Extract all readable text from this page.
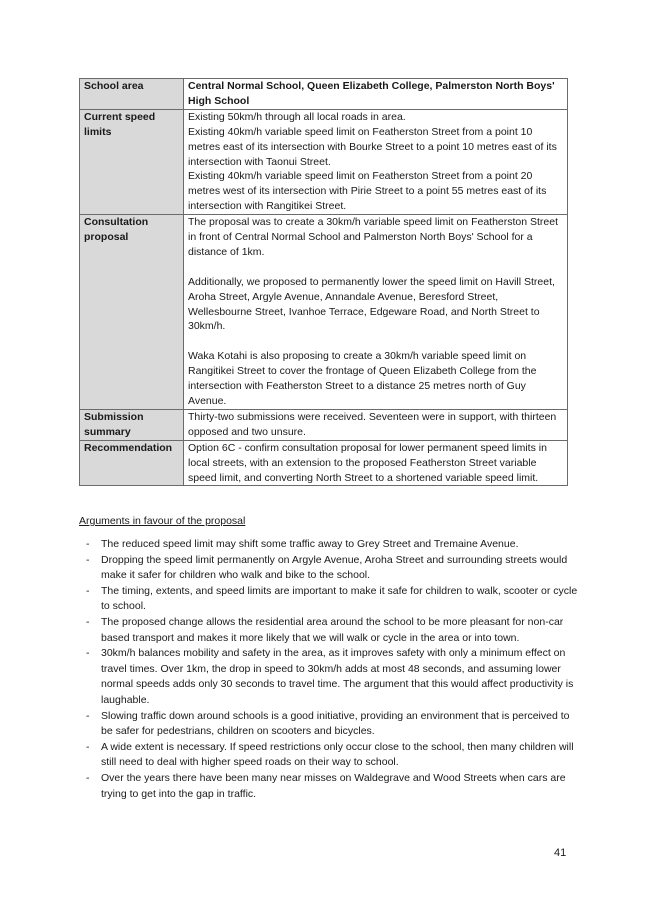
School area	Central Normal School, Queen Elizabeth College, Palmerston North Boys' High School

Current speed
limits	Existing 50km/h through all local roads in area.
Existing 40km/h variable speed limit on Featherston Street from a point 10 metres east of its intersection with Bourke Street to a point 10 metres east of its intersection with Taonui Street.
Existing 40km/h variable speed limit on Featherston Street from a point 20 metres west of its intersection with Pirie Street to a point 55 metres east of its intersection with Rangitikei Street.

Consultation
proposal	The proposal was to create a 30km/h variable speed limit on Featherston Street in front of Central Normal School and Palmerston North Boys' School for a distance of 1km.
Additionally, we proposed to permanently lower the speed limit on Havill Street, Aroha Street, Argyle Avenue, Annandale Avenue, Beresford Street, Wellesbourne Street, Ivanhoe Terrace, Edgeware Road, and North Street to 30km/h.
Waka Kotahi is also proposing to create a 30km/h variable speed limit on Rangitikei Street to cover the frontage of Queen Elizabeth College from the intersection with Featherston Street to a distance 25 metres north of Guy Avenue.

Submission
summary	Thirty-two submissions were received. Seventeen were in support, with thirteen opposed and two unsure.

Recommendation	Option 6C - confirm consultation proposal for lower permanent speed limits in local streets, with an extension to the proposed Featherston Street variable speed limit, and converting North Street to a shortened variable speed limit.
Arguments in favour of the proposal
- The reduced speed limit may shift some traffic away to Grey Street and Tremaine Avenue.
- Dropping the speed limit permanently on Argyle Avenue, Aroha Street and surrounding streets would make it safer for children who walk and bike to the school.
- The timing, extents, and speed limits are important to make it safe for children to walk, scooter or cycle to school.
- The proposed change allows the residential area around the school to be more pleasant for non-car based transport and makes it more likely that we will walk or cycle in the area or into town.
- 30km/h balances mobility and safety in the area, as it improves safety with only a minimum effect on travel times. Over 1km, the drop in speed to 30km/h adds at most 48 seconds, and assuming lower normal speeds adds only 30 seconds to travel time. The argument that this would affect productivity is laughable.
- Slowing traffic down around schools is a good initiative, providing an environment that is perceived to be safer for pedestrians, children on scooters and bicycles.
- A wide extent is necessary. If speed restrictions only occur close to the school, then many children will still need to deal with higher speed roads on their way to school.
- Over the years there have been many near misses on Waldegrave and Wood Streets when cars are trying to get into the gap in traffic.
41
